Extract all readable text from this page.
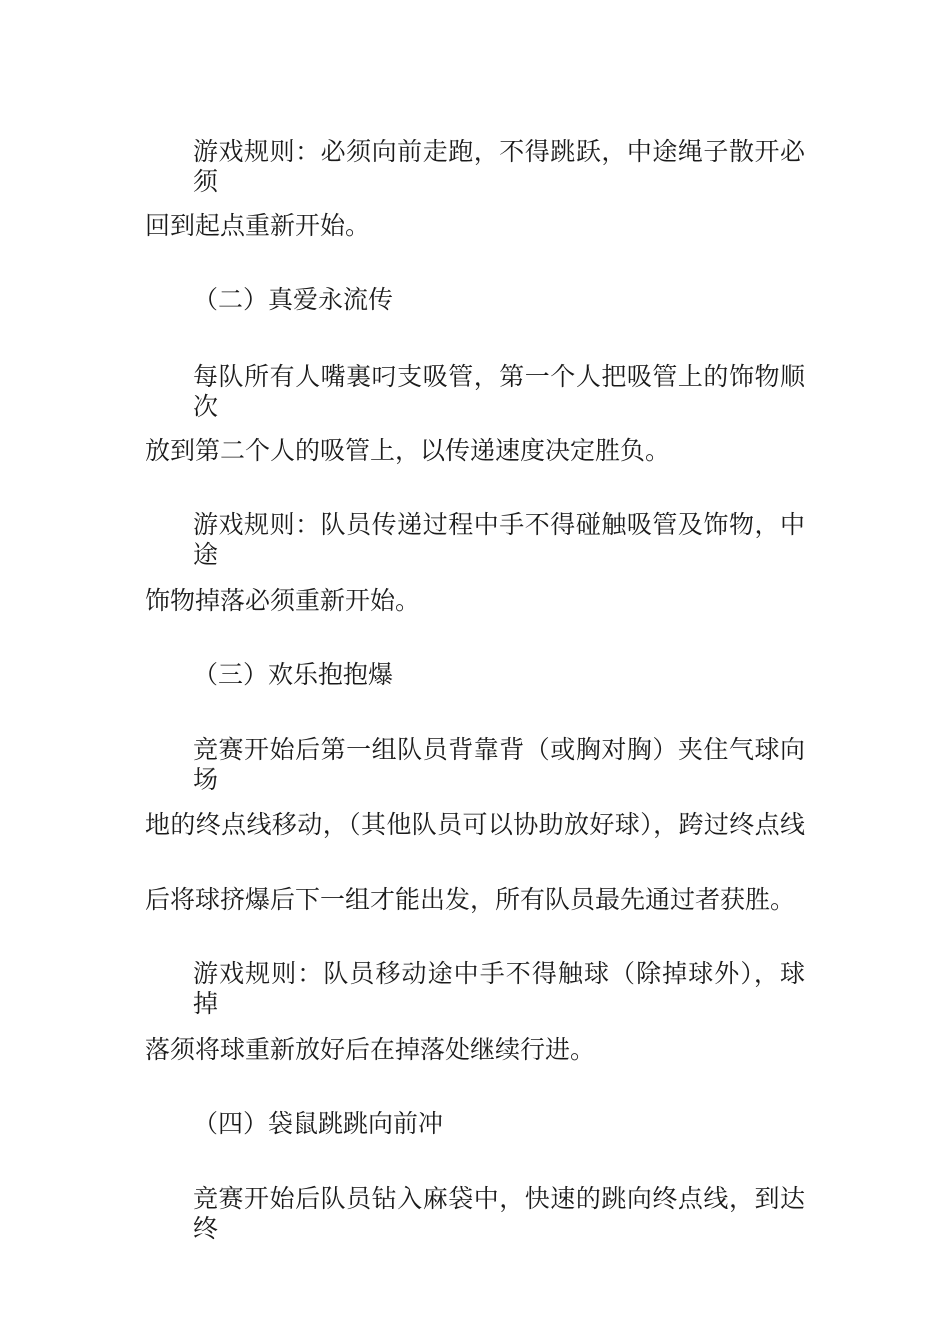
游戏规则：必须向前走跑，不得跳跃，中途绳子散开必须
回到起点重新开始。
（二）真爱永流传
每队所有人嘴裏叼支吸管，第一个人把吸管上的饰物顺次
放到第二个人的吸管上，以传递速度决定胜负。
游戏规则：队员传递过程中手不得碰触吸管及饰物，中途
饰物掉落必须重新开始。
（三）欢乐抱抱爆
竞赛开始后第一组队员背靠背（或胸对胸）夹住气球向场
地的终点线移动，（其他队员可以协助放好球），跨过终点线
后将球挤爆后下一组才能出发，所有队员最先通过者获胜。
游戏规则：队员移动途中手不得触球（除掉球外），球掉
落须将球重新放好后在掉落处继续行进。
（四）袋鼠跳跳向前冲
竞赛开始后队员钻入麻袋中，快速的跳向终点线，到达终
